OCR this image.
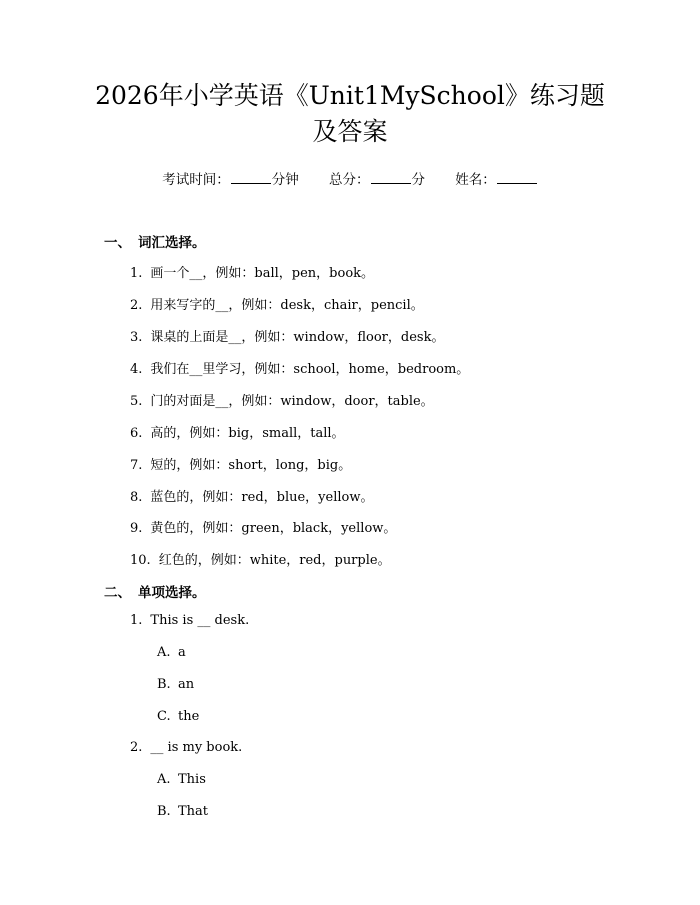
2026年小学英语《Unit1MySchool》练习题
及答案
考试时间：	分钟 总分：	分 姓名：
一、 词汇选择。
1. 画一个__，例如：ball，pen，book。
2. 用来写字的__，例如：desk，chair，pencil。
3. 课桌的上面是__，例如：window，floor，desk。
4. 我们在__里学习，例如：school，home，bedroom。
5. 门的对面是__，例如：window，door，table。
6. 高的，例如：big，small，tall。
7. 短的，例如：short，long，big。
8. 蓝色的，例如：red，blue，yellow。
9. 黄色的，例如：green，black，yellow。
10. 红色的，例如：white，red，purple。
二、 单项选择。
1. This is __ desk.
A. a
B. an
C. the
2. __ is my book.
A. This
B. That
